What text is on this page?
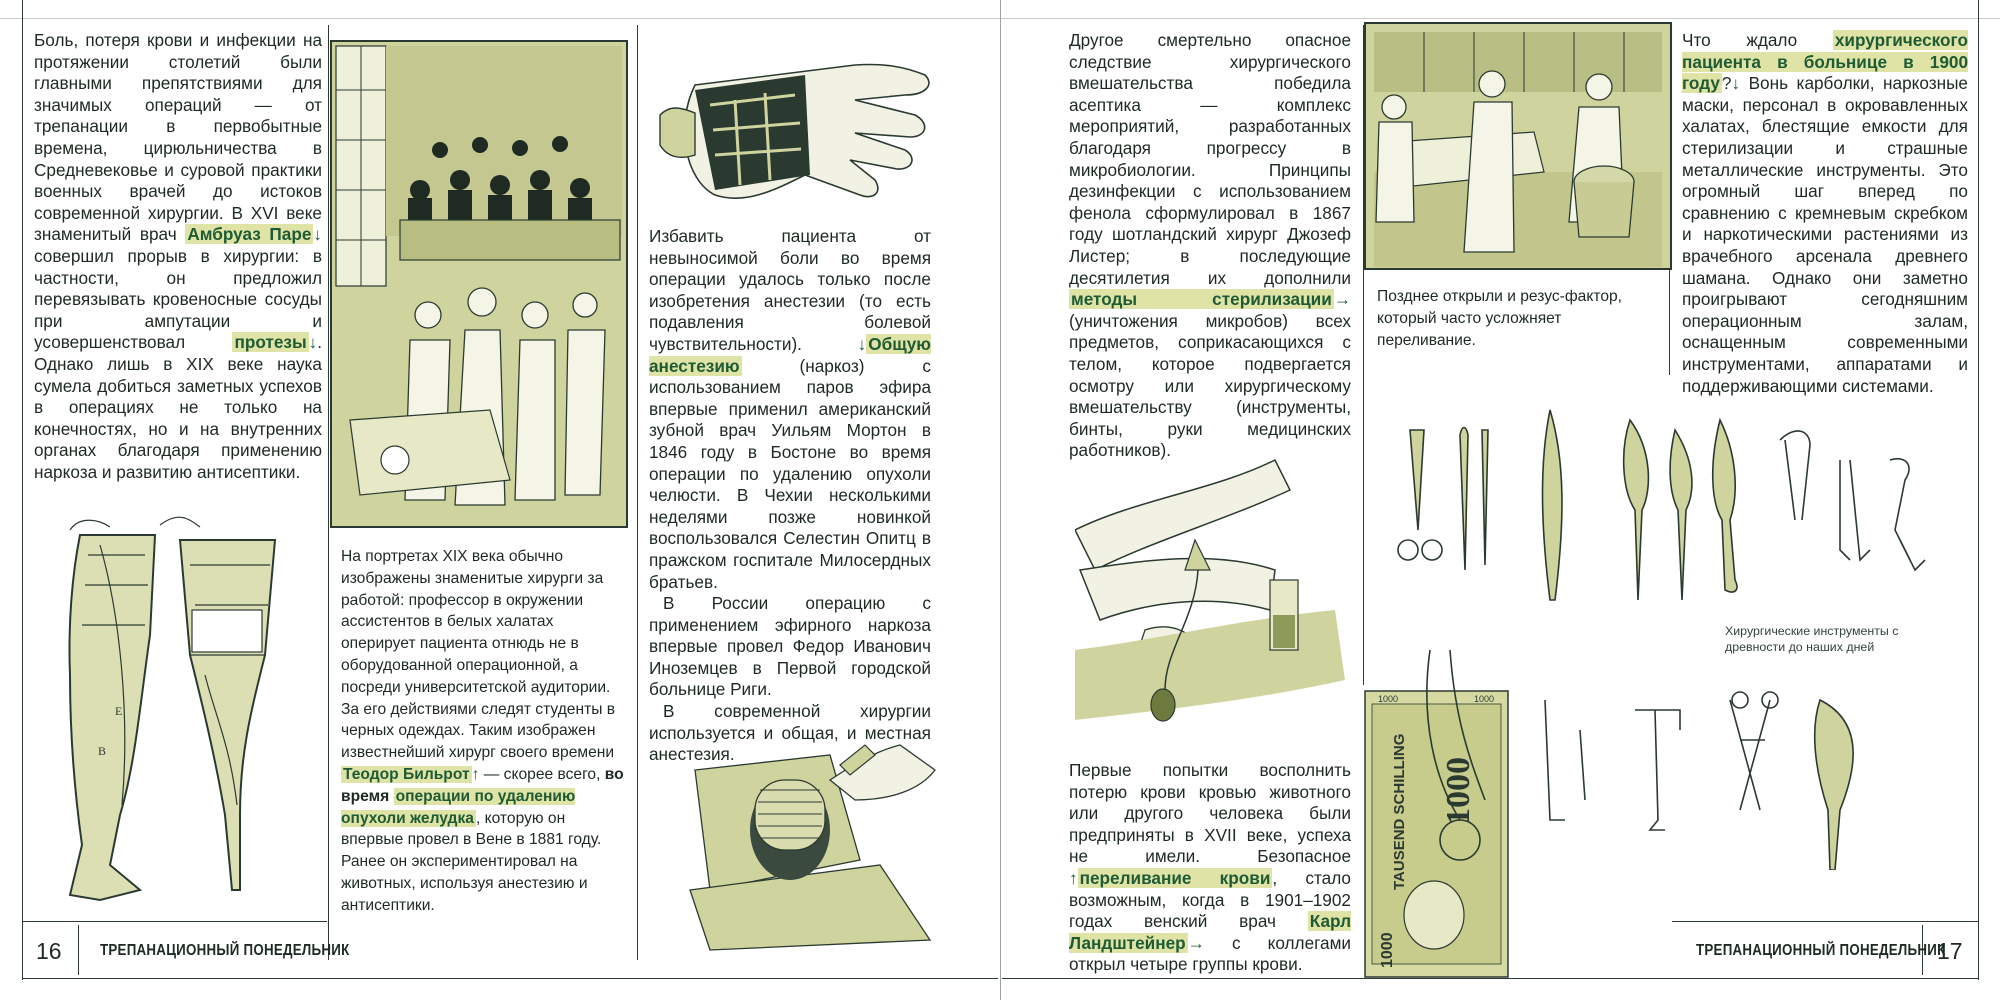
16 ТРЕПАНАЦИОННЫЙ ПОНЕДЕЛЬНИК	ТРЕПАНАЦИОННЫЙ ПОНЕДЕЛЬНИК
17
Боль, потеря крови и инфекции на протяжении столетий были главными препятствиями для значимых операций — от трепанации в первобытные времена, цирюльничества в Средневековье и суровой практики военных врачей до истоков современной хирургии. В XVI веке знаменитый врач Амбруаз Паре ↓ совершил прорыв в хирургии: в частности, он предложил перевязывать кровеносные сосуды при ампутации и усовершенствовал	протезы ↓. Однако лишь в XIX веке наука сумела добиться заметных успехов в операциях не только на конечностях, но и на внутренних органах благодаря применению наркоза и развитию антисептики.
На портретах XIX века обычно изображены знаменитые хирурги за работой: профессор в окружении ассистентов в белых халатах оперирует пациента отнюдь не в оборудованной операционной, а посреди университетской аудитории. За его действиями следят студенты в черных одеждах. Таким изображен известнейший хирург своего времени Теодор Бильрот ↑ — скорее всего, во время операции по удалению опухоли желудка , которую он впервые провел в Вене в 1881 году. Ранее он экспериментировал на животных, используя анестезию и антисептики.

Избавить пациента от невыносимой боли во время операции удалось только после изобретения анестезии (то есть подавления болевой чувствительности).	↓ Общую анестезию	(наркоз) с использованием паров эфира впервые применил американский зубной врач Уильям Мортон в 1846 году в Бостоне во время операции по удалению опухоли челюсти. В Чехии несколькими неделями позже новинкой воспользовался Селестин Опитц в пражском госпитале Милосердных братьев.

В России операцию с применением эфирного наркоза впервые провел Федор Иванович Иноземцев в Первой городской больнице Риги.

В современной хирургии используется и общая, и местная анестезия.

Другое смертельно опасное следствие хирургического вмешательства победила асептика — комплекс мероприятий, разработанных благодаря прогрессу в микробиологии. Принципы дезинфекции с использованием фенола сформулировал в 1867 году шотландский хирург Джозеф Листер; в последующие десятилетия их дополнили методы стерилизации → (уничтожения микробов) всех предметов, соприкасающихся с телом, которое подвергается осмотру или хирургическому вмешательству (инструменты, бинты, руки медицинских работников).
Первые попытки восполнить потерю крови кровью животного или другого человека были предприняты в XVII веке, успеха не имели. Безопасное ↑ переливание крови , стало возможным, когда в 1901–1902 годах венский врач Карл Ландштейнер → с коллегами открыл четыре группы крови.
Позднее открыли и резус-фактор, который часто усложняет переливание.
Что ждало хирургического пациента в больнице в 1900 году ?↓ Вонь карболки, наркозные маски, персонал в окровавленных халатах, блестящие емкости для стерилизации и страшные металлические инструменты. Это огромный шаг вперед по сравнению с кремневым скребком и наркотическими растениями из врачебного арсенала древнего шамана. Однако они заметно проигрывают сегодняшним операционным залам, оснащенным современными инструментами, аппаратами и поддерживающими системами.
Хирургические инструменты с древности до наших дней
B
E
1000	1000
TAUSEND SCHILLING 1000
1000
